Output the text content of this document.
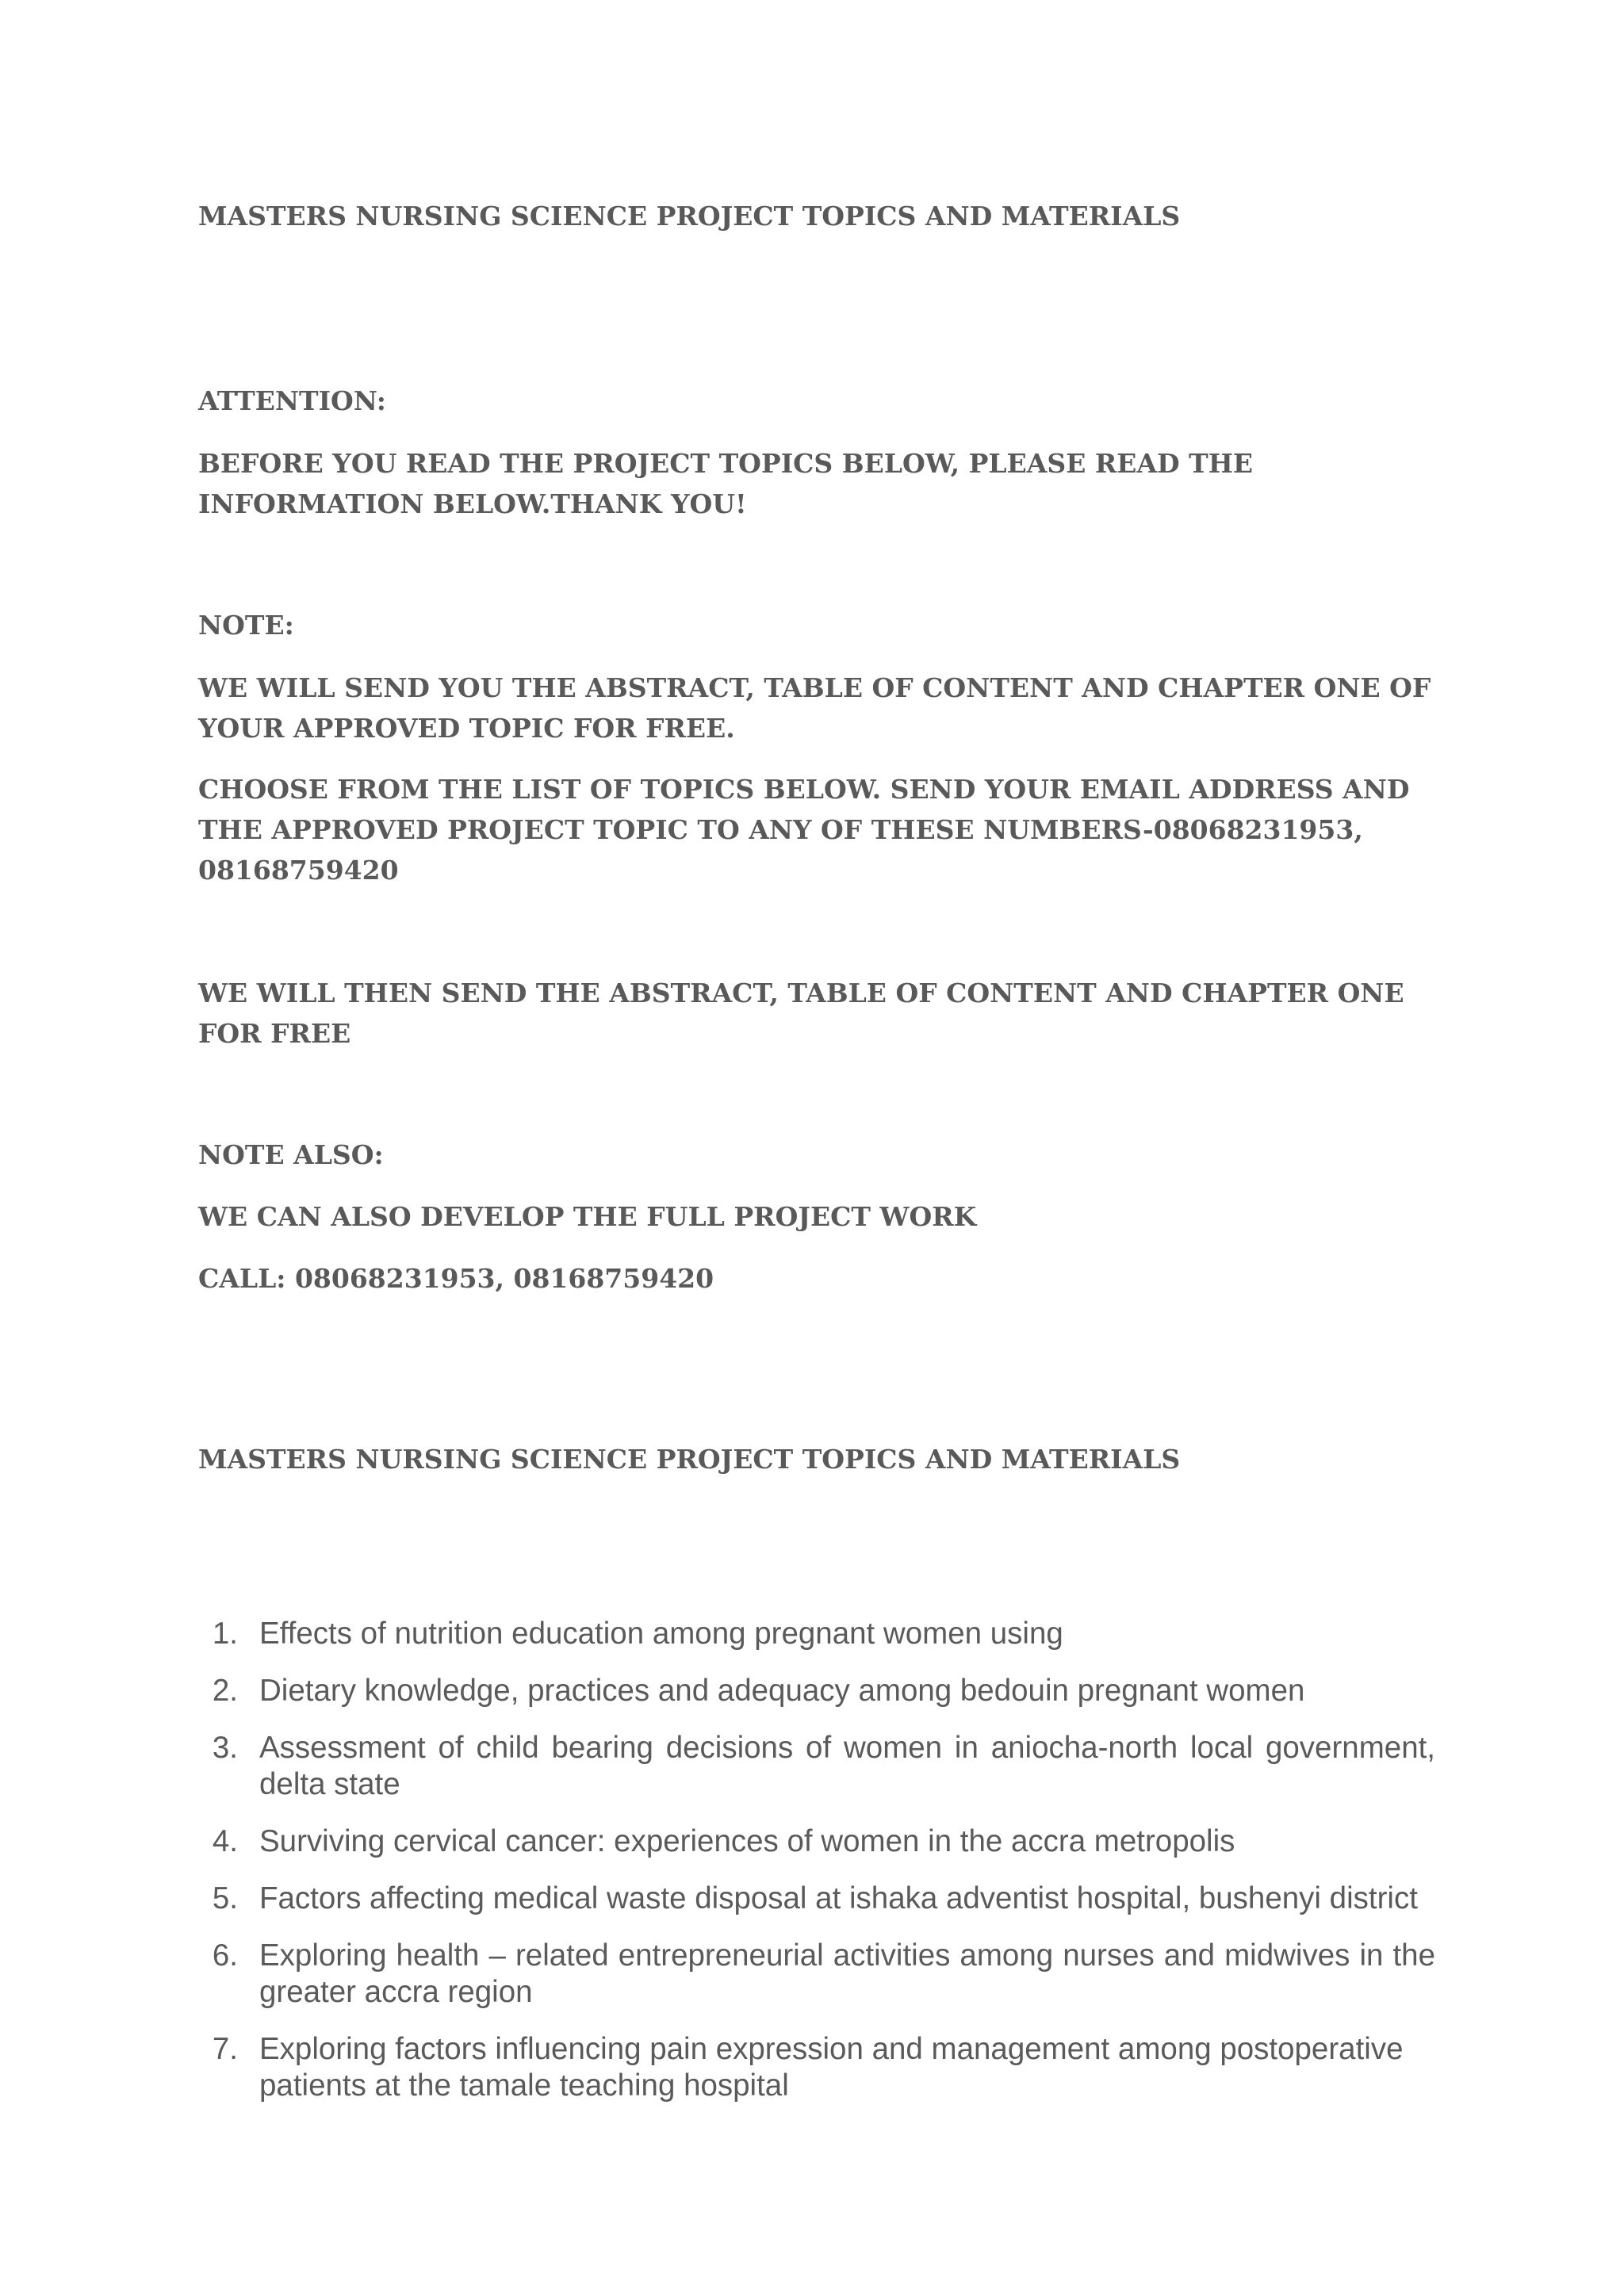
MASTERS NURSING SCIENCE PROJECT TOPICS AND MATERIALS

ATTENTION:

BEFORE YOU READ THE PROJECT TOPICS BELOW, PLEASE READ THE INFORMATION BELOW.THANK YOU!

NOTE:

WE WILL SEND YOU THE ABSTRACT, TABLE OF CONTENT AND CHAPTER ONE OF YOUR APPROVED TOPIC FOR FREE.

CHOOSE FROM THE LIST OF TOPICS BELOW. SEND YOUR EMAIL ADDRESS AND THE APPROVED PROJECT TOPIC TO ANY OF THESE NUMBERS-08068231953, 08168759420

WE WILL THEN SEND THE ABSTRACT, TABLE OF CONTENT AND CHAPTER ONE FOR FREE

NOTE ALSO:

WE CAN ALSO DEVELOP THE FULL PROJECT WORK

CALL: 08068231953, 08168759420

MASTERS NURSING SCIENCE PROJECT TOPICS AND MATERIALS

1. Effects of nutrition education among pregnant women using
2. Dietary knowledge, practices and adequacy among bedouin pregnant women
3. Assessment of child bearing decisions of women in aniocha-north local government, delta state
4. Surviving cervical cancer: experiences of women in the accra metropolis
5. Factors affecting medical waste disposal at ishaka adventist hospital, bushenyi district
6. Exploring health – related entrepreneurial activities among nurses and midwives in the greater accra region
7. Exploring factors influencing pain expression and management among postoperative patients at the tamale teaching hospital
